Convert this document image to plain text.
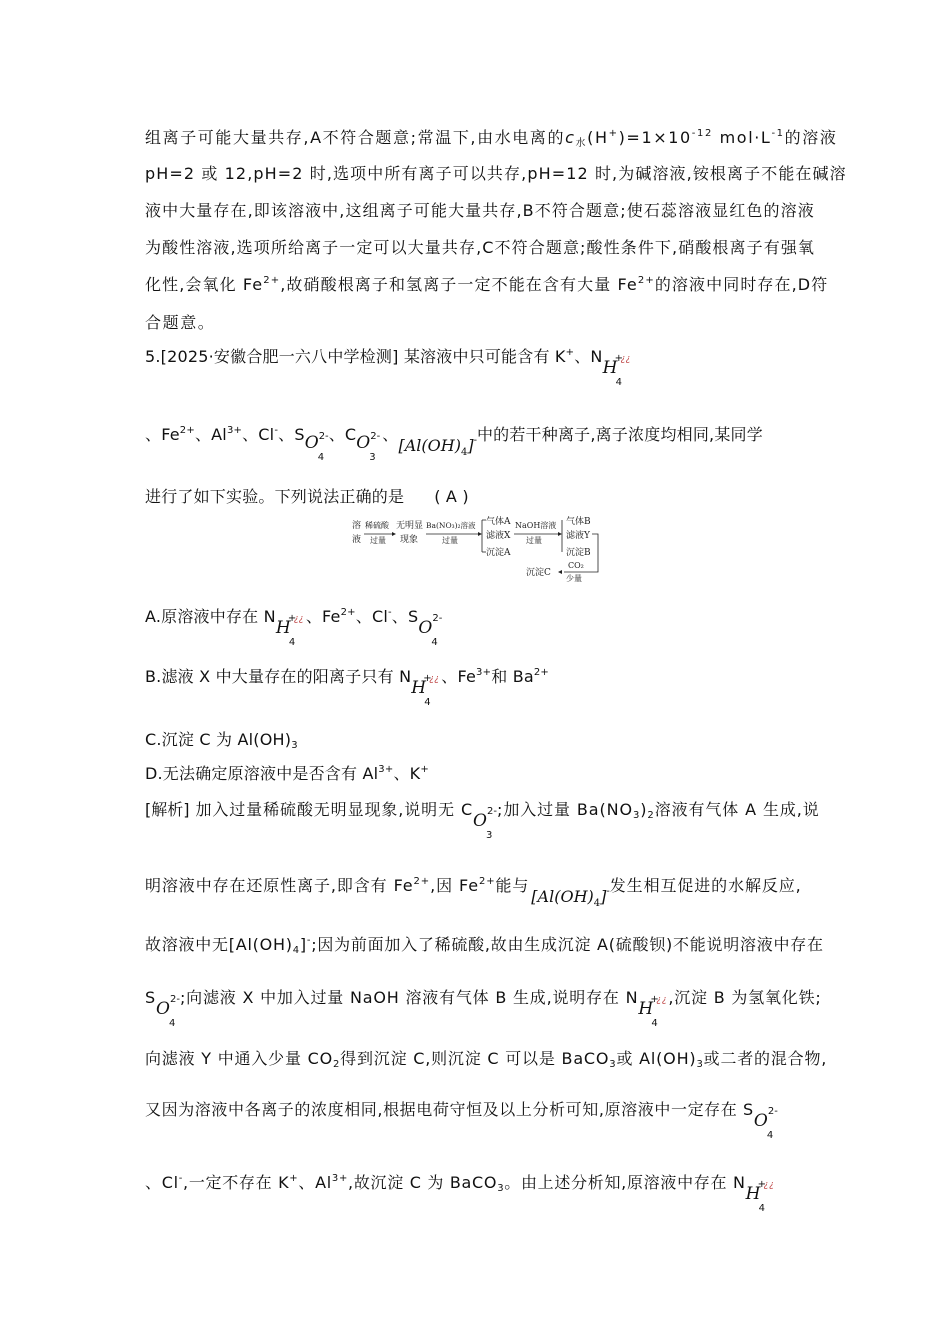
组离子可能大量共存,A不符合题意;常温下,由水电离的$c_水(H^+)=1\times 10^{-12}$ $mol\cdot L^{-1}$的溶液
pH=2 或 12,pH=2 时,选项中所有离子可以共存,pH=12 时,为碱溶液,铵根离子不能在碱溶
液中大量存在,即该溶液中,这组离子可能大量共存,B不符合题意;使石蕊溶液显红色的溶液
为酸性溶液,选项所给离子一定可以大量共存,C不符合题意;酸性条件下,硝酸根离子有强氧
化性,会氧化 $Fe^{2+}$,故硝酸根离子和氢离子一定不能在含有大量 $Fe^{2+}$的溶液中同时存在,D符
合题意。
5.[2025·安徽合肥一六八中学检测] 某溶液中只可能含有 K+、N
H
4
+
¿¿
、$Fe^{2+}$、$Al^{3+}$、Cl-、S O
4
2- 、C O
3
2- 、$[Al(OH)_4]^-$中的若干种离子,离子浓度均相同,某同学
进行了如下实验。下列说法正确的是 ( A )
溶
液
稀硫酸
过量
无明显
现象
Ba(NO₃)₂溶液
过量
气体A
滤液X
沉淀A
NaOH溶液
过量
气体B
滤液Y
沉淀B
CO₂
少量
沉淀C
A.原溶液中存在 N
H
4
+
¿¿ 、$Fe^{2+}$、Cl-、S
O
4
2-
B.滤液 X 中大量存在的阳离子只有 N
H
4
+
¿¿ 、$Fe^{3+}$和 $Ba^{2+}$
C.沉淀 C 为 $Al(OH)_3$
D.无法确定原溶液中是否含有 $Al^{3+}$、K+
[解析] 加入过量稀硫酸无明显现象,说明无 C
O
3
2- ;加入过量 $Ba(NO_3)_2$溶液有气体 A 生成,说
明溶液中存在还原性离子,即含有 $Fe^{2+}$,因 $Fe^{2+}$能与$[Al(OH)_4]^-$发生相互促进的水解反应,
故溶液中无$[Al(OH)_4]^-$;因为前面加入了稀硫酸,故由生成沉淀 A(硫酸钡)不能说明溶液中存在
S
O
4
2- ;向滤液 X 中加入过量 NaOH 溶液有气体 B 生成,说明存在 N
H
4
+
¿¿ ,沉淀 B 为氢氧化铁;
向滤液 Y 中通入少量 $CO_2$得到沉淀 C,则沉淀 C 可以是 BaCO$_3$或 $Al(OH)_3$或二者的混合物,
又因为溶液中各离子的浓度相同,根据电荷守恒及以上分析可知,原溶液中一定存在 S
O
4
2-
、Cl-,一定不存在 K+、$Al^{3+}$,故沉淀 C 为 BaCO$_3$。由上述分析知,原溶液中存在 N
H
4
+
¿¿
